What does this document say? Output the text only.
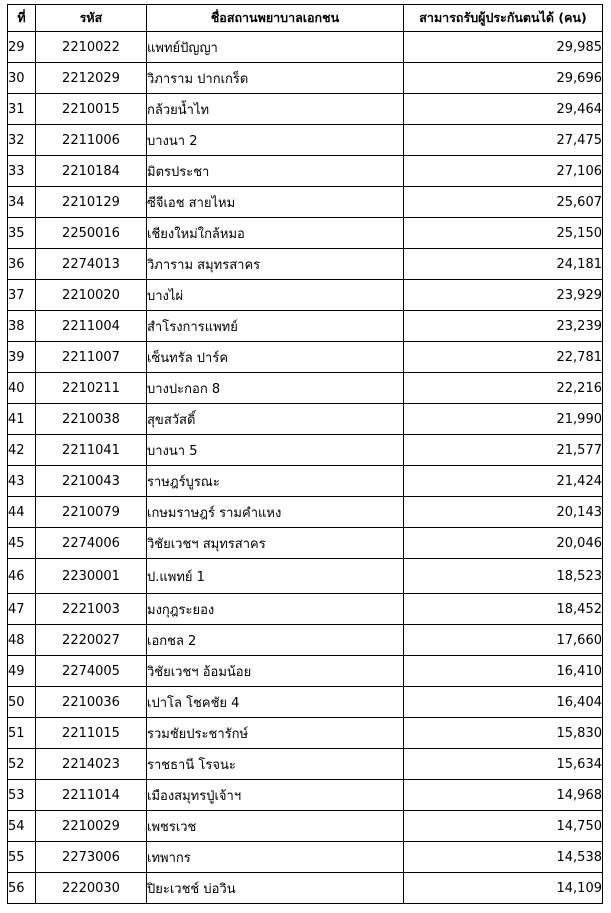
ที่	รหัส	ชื่อสถานพยาบาลเอกชน	สามารถรับผู้ประกันตนได้ (คน)
29	2210022	แพทย์ปัญญา	29,985
30	2212029	วิภาราม ปากเกร็ด	29,696
31	2210015	กล้วยน้ำไท	29,464
32	2211006	บางนา 2	27,475
33	2210184	มิตรประชา	27,106
34	2210129	ซีจีเอช สายไหม	25,607
35	2250016	เชียงใหม่ใกล้หมอ	25,150
36	2274013	วิภาราม สมุทรสาคร	24,181
37	2210020	บางไผ่	23,929
38	2211004	สำโรงการแพทย์	23,239
39	2211007	เซ็นทรัล ปาร์ค	22,781
40	2210211	บางปะกอก 8	22,216
41	2210038	สุขสวัสดิ์	21,990
42	2211041	บางนา 5	21,577
43	2210043	ราษฎร์บูรณะ	21,424
44	2210079	เกษมราษฎร์ รามคำแหง	20,143
45	2274006	วิชัยเวชฯ สมุทรสาคร	20,046
46	2230001	ป.แพทย์ 1	18,523
47	2221003	มงกุฎระยอง	18,452
48	2220027	เอกชล 2	17,660
49	2274005	วิชัยเวชฯ อ้อมน้อย	16,410
50	2210036	เปาโล โชคชัย 4	16,404
51	2211015	รวมชัยประชารักษ์	15,830
52	2214023	ราชธานี โรจนะ	15,634
53	2211014	เมืองสมุทรปู่เจ้าฯ	14,968
54	2210029	เพชรเวช	14,750
55	2273006	เทพากร	14,538
56	2220030	ปิยะเวชช์ บ่อวิน	14,109
